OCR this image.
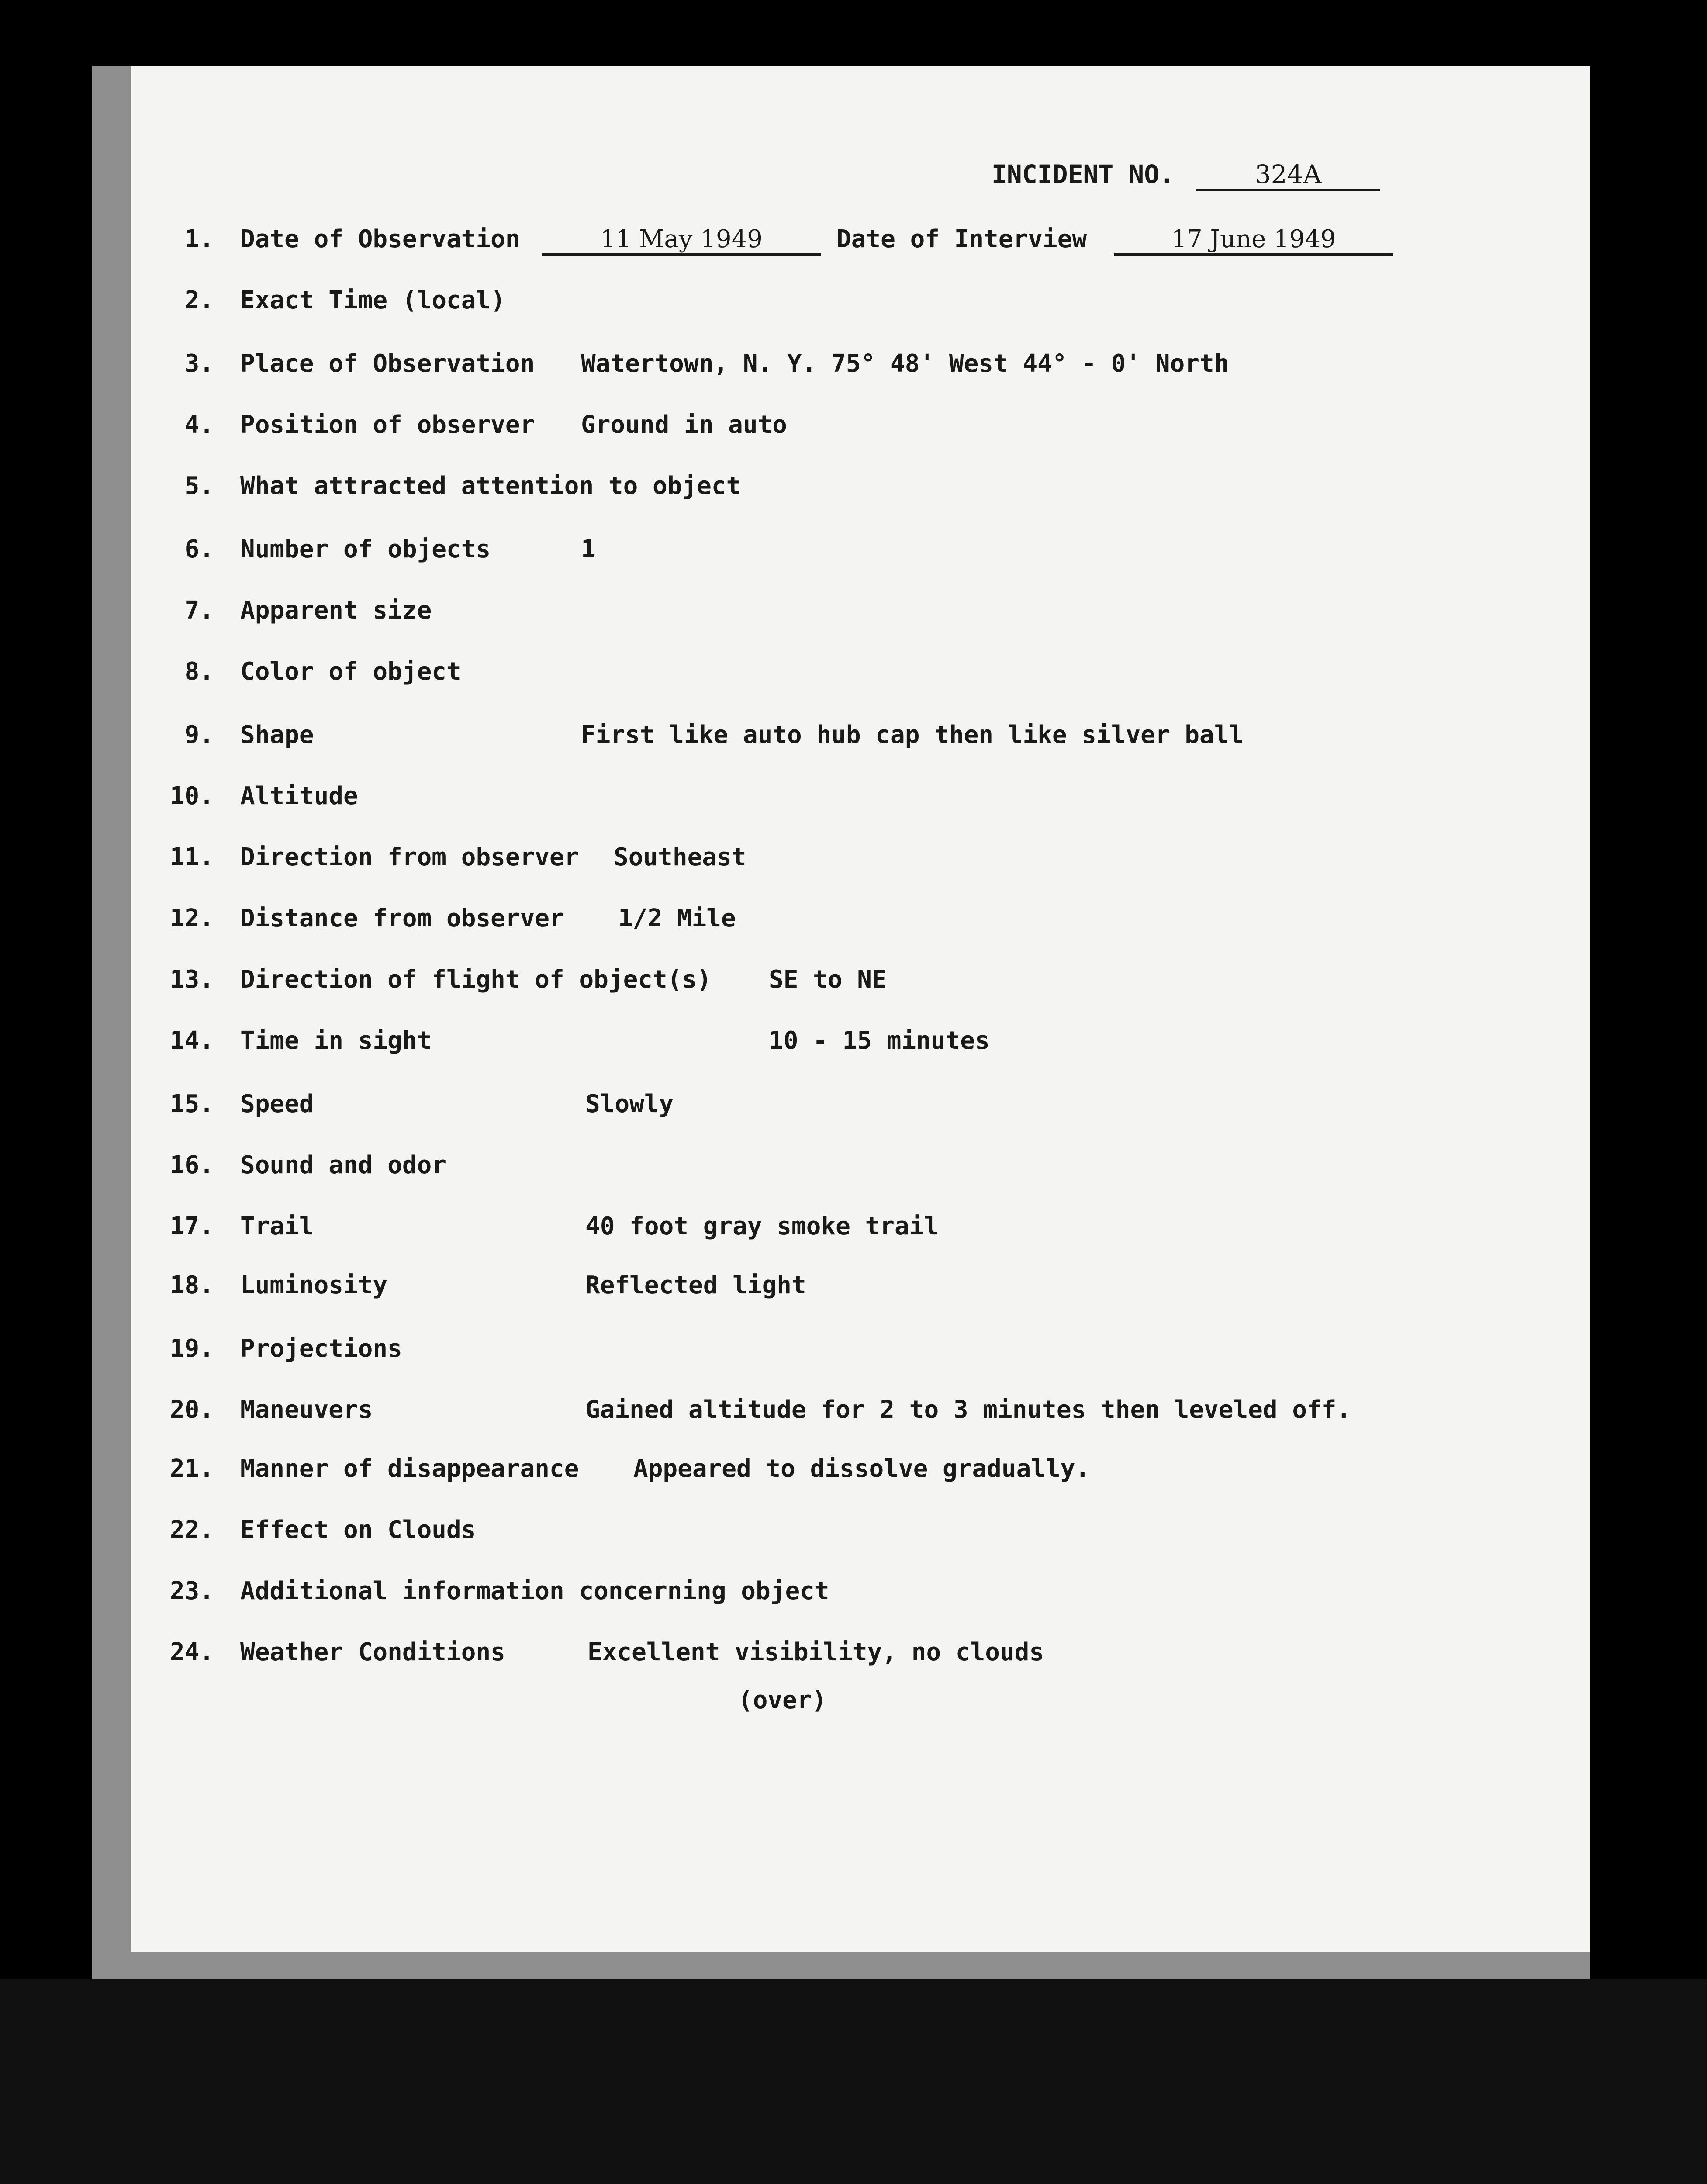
INCIDENT NO.	324A
1. Date of Observation	11 May 1949	Date of Interview	17 June 1949
2. Exact Time (local)
3. Place of Observation Watertown, N. Y. 75° 48' West 44° - 0' North
4. Position of observer Ground in auto
5. What attracted attention to object
6. Number of objects	1
7. Apparent size
8. Color of object
9. Shape	First like auto hub cap then like silver ball
10. Altitude
11. Direction from observer Southeast
12. Distance from observer 1/2 Mile
13. Direction of flight of object(s) SE to NE
14. Time in sight	10 - 15 minutes
15. Speed	Slowly
16. Sound and odor
17. Trail	40 foot gray smoke trail
18. Luminosity	Reflected light
19. Projections
20. Maneuvers	Gained altitude for 2 to 3 minutes then leveled off.
21. Manner of disappearance Appeared to dissolve gradually.
22. Effect on Clouds
23. Additional information concerning object
24. Weather Conditions	Excellent visibility, no clouds
(over)
